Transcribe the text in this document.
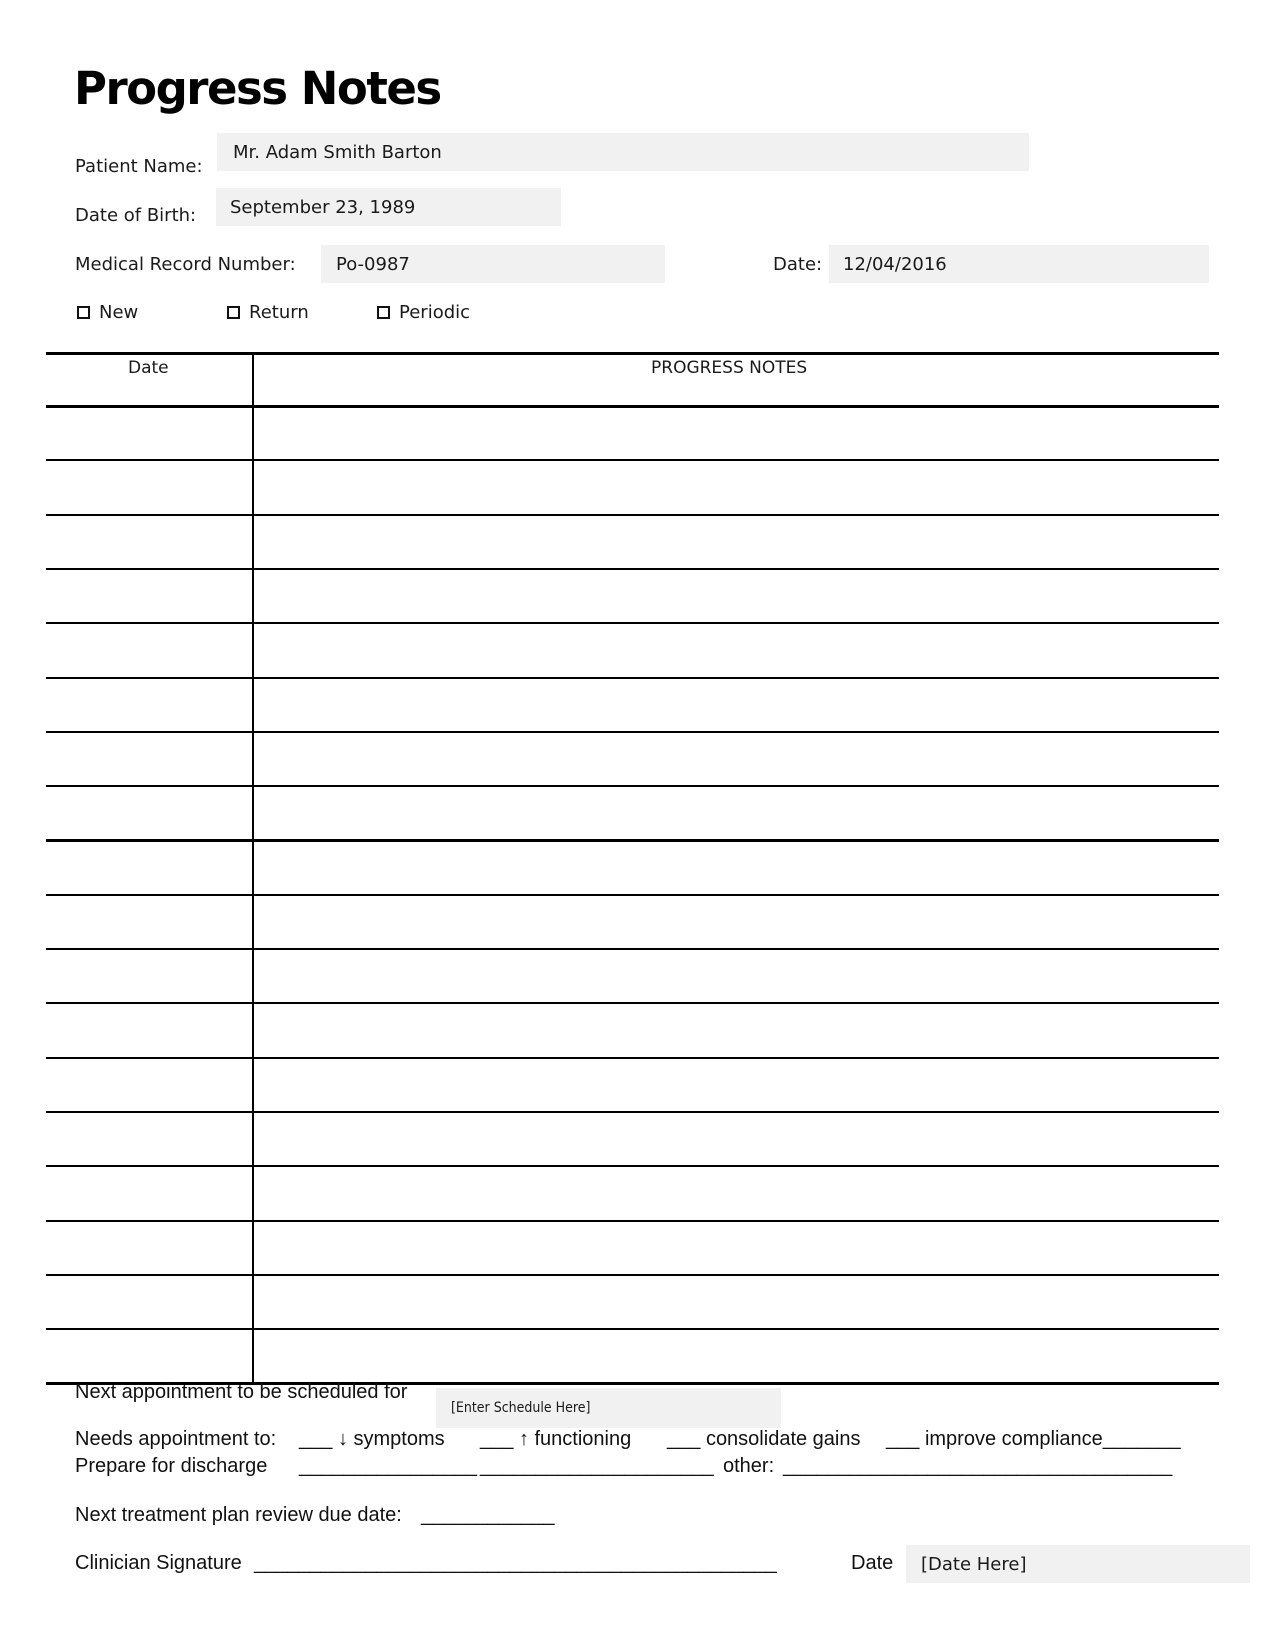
Progress Notes
Patient Name:
Mr. Adam Smith Barton
Date of Birth: September 23, 1989
Medical Record Number: Po-0987	Date: 12/04/2016
New	Return	Periodic
Date	PROGRESS NOTES
Next appointment to be scheduled for
[Enter Schedule Here]
Needs appointment to: ___ ↓ symptoms ___ ↑ functioning ___ consolidate gains ___ improve compliance_______
Prepare for discharge ________________ _____________________ other: ___________________________________
Next treatment plan review due date: ____________
Clinician Signature _______________________________________________	Date [Date Here]
